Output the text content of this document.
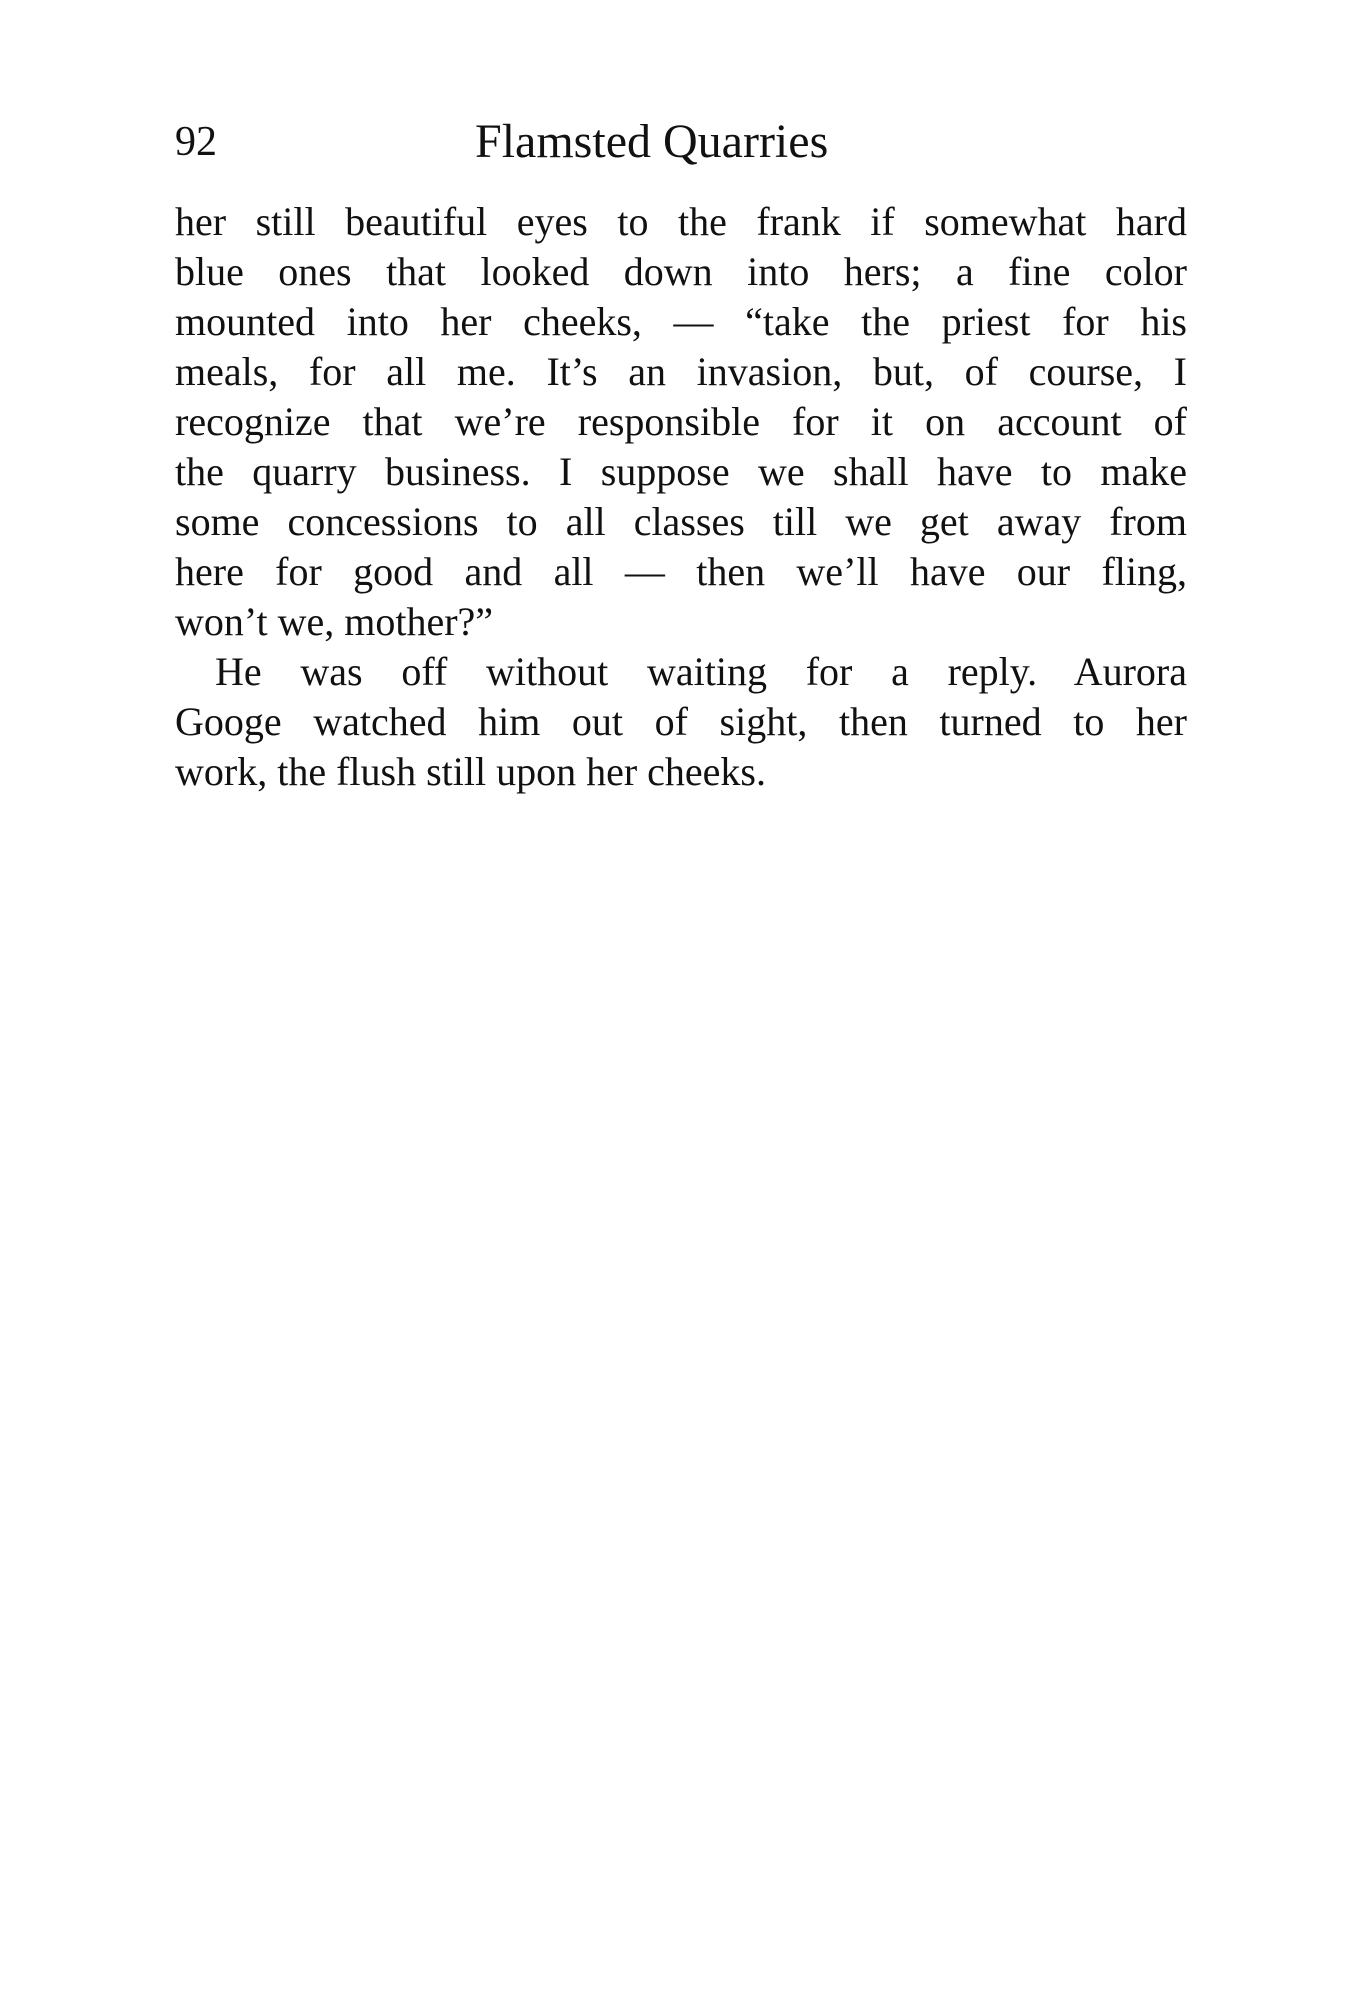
92	Flamsted Quarries
her still beautiful eyes to the frank if somewhat hard
blue ones that looked down into hers; a fine color
mounted into her cheeks, — “take the priest for his
meals, for all me. It’s an invasion, but, of course, I
recognize that we’re responsible for it on account of
the quarry business. I suppose we shall have to make
some concessions to all classes till we get away from
here for good and all — then we’ll have our fling,
won’t we, mother?”
He was off without waiting for a reply. Aurora
Googe watched him out of sight, then turned to her
work, the flush still upon her cheeks.
